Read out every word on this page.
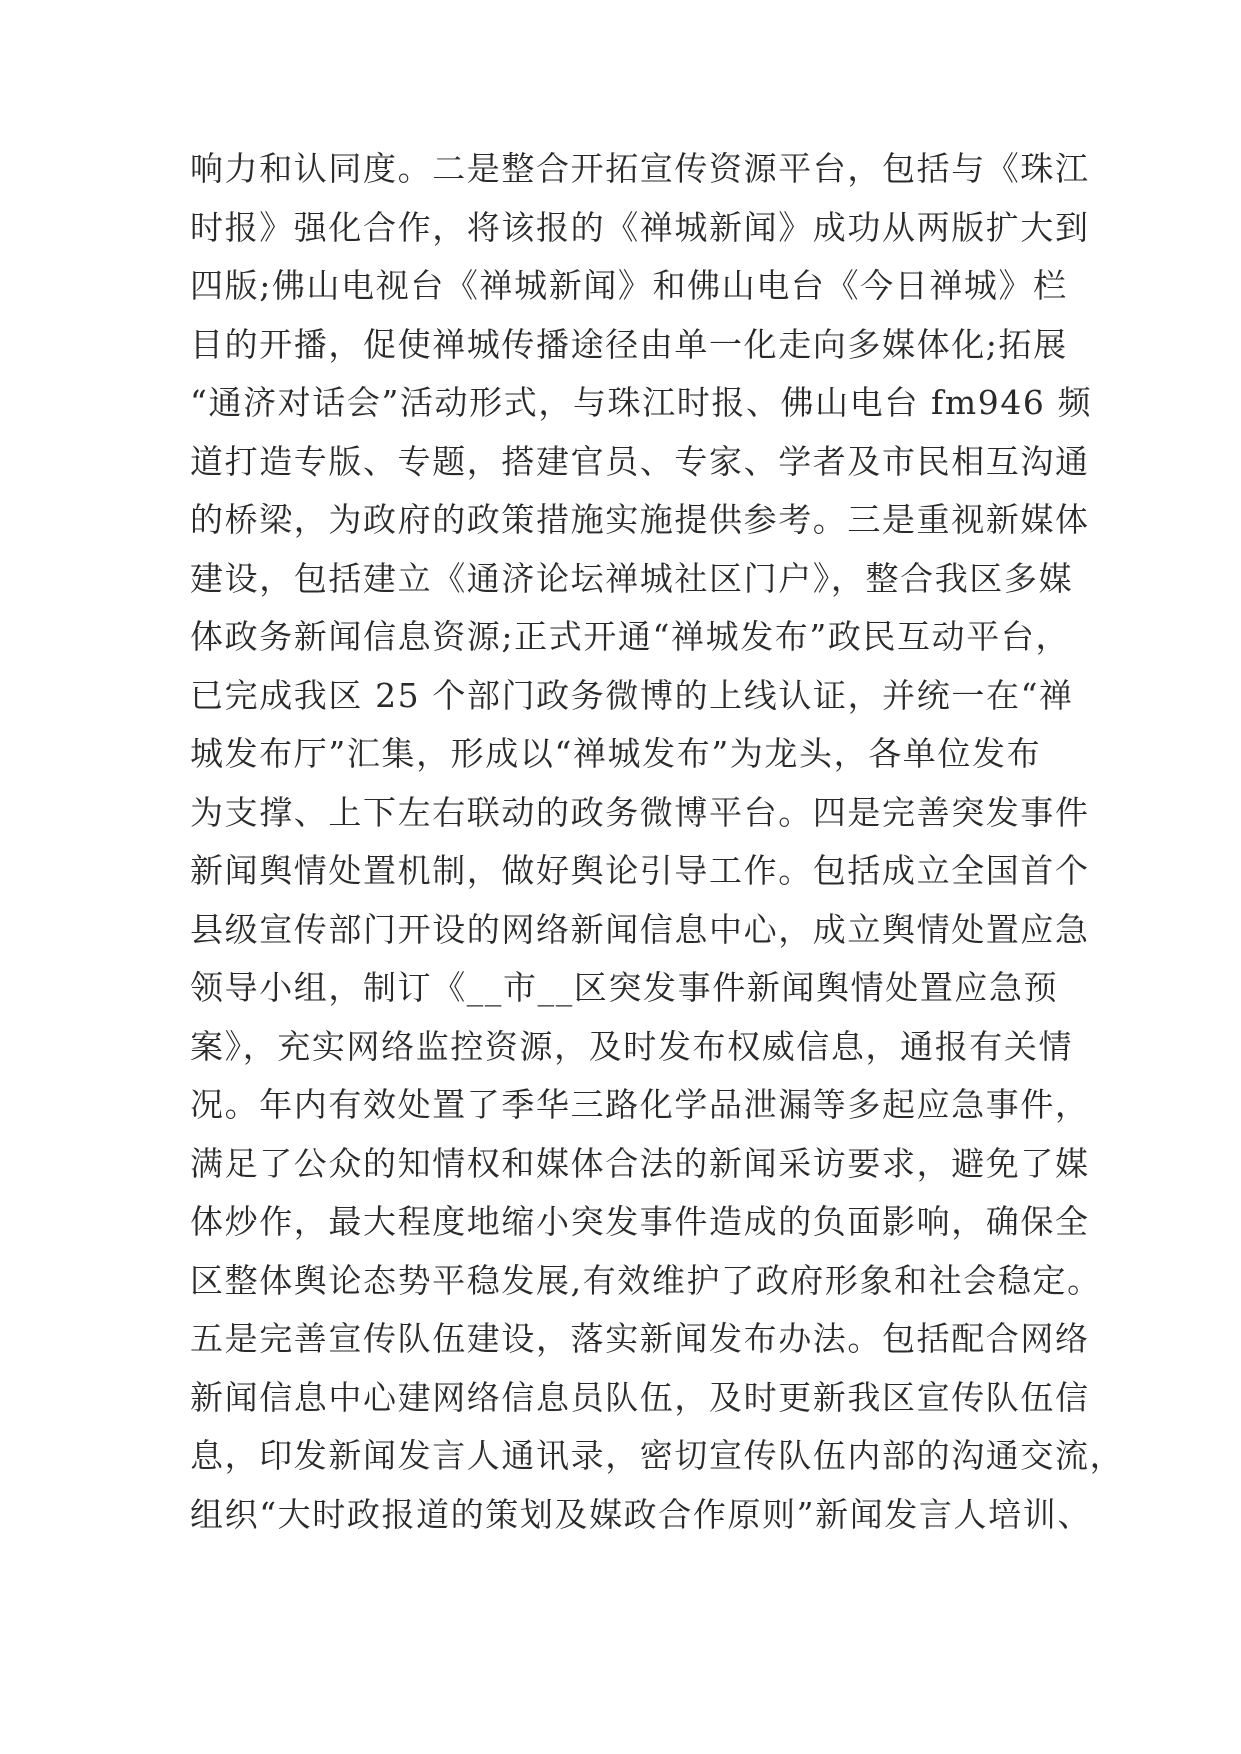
响力和认同度。二是整合开拓宣传资源平台，包括与《珠江
时报》强化合作，将该报的《禅城新闻》成功从两版扩大到
四版;佛山电视台《禅城新闻》和佛山电台《今日禅城》栏
目的开播，促使禅城传播途径由单一化走向多媒体化;拓展
“通济对话会”活动形式，与珠江时报、佛山电台 fm946 频
道打造专版、专题，搭建官员、专家、学者及市民相互沟通
的桥梁，为政府的政策措施实施提供参考。三是重视新媒体
建设，包括建立《通济论坛禅城社区门户》，整合我区多媒
体政务新闻信息资源;正式开通“禅城发布”政民互动平台，
已完成我区 25 个部门政务微博的上线认证，并统一在“禅
城发布厅”汇集，形成以“禅城发布”为龙头，各单位发布
为支撑、上下左右联动的政务微博平台。四是完善突发事件
新闻舆情处置机制，做好舆论引导工作。包括成立全国首个
县级宣传部门开设的网络新闻信息中心，成立舆情处置应急
领导小组，制订《__市__区突发事件新闻舆情处置应急预
案》，充实网络监控资源，及时发布权威信息，通报有关情
况。年内有效处置了季华三路化学品泄漏等多起应急事件，
满足了公众的知情权和媒体合法的新闻采访要求，避免了媒
体炒作，最大程度地缩小突发事件造成的负面影响，确保全
区整体舆论态势平稳发展,有效维护了政府形象和社会稳定。
五是完善宣传队伍建设，落实新闻发布办法。包括配合网络
新闻信息中心建网络信息员队伍，及时更新我区宣传队伍信
息，印发新闻发言人通讯录，密切宣传队伍内部的沟通交流，
组织“大时政报道的策划及媒政合作原则”新闻发言人培训、
